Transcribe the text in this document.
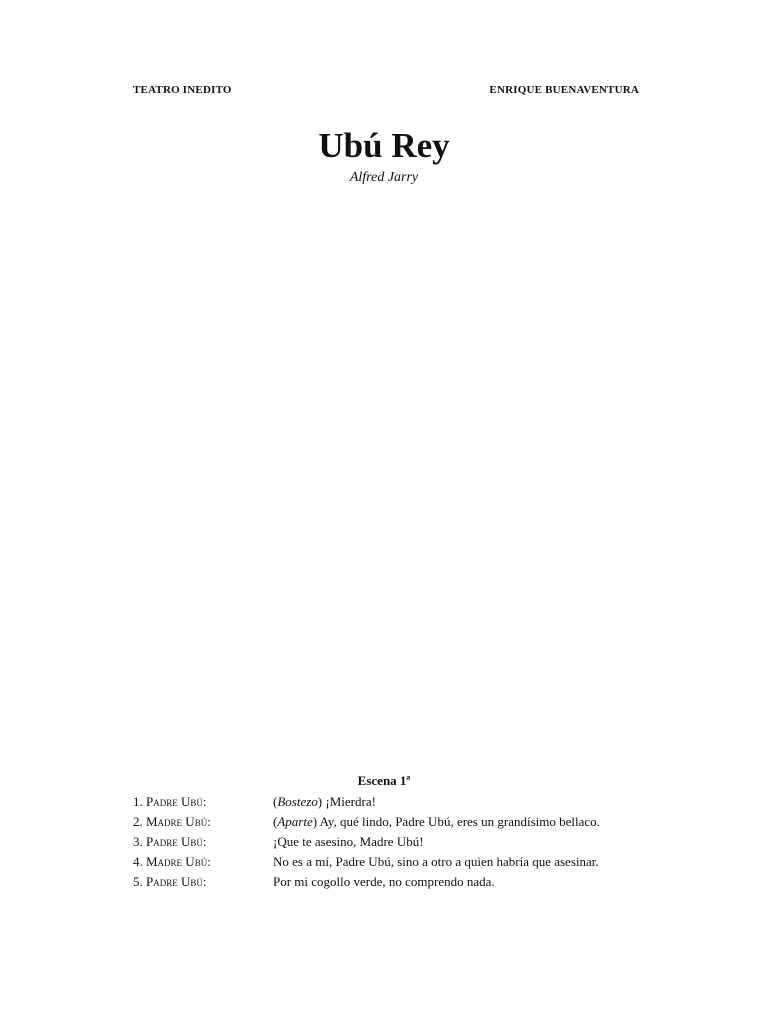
TEATRO INEDITO	ENRIQUE BUENAVENTURA
Ubú Rey
Alfred Jarry
Escena 1ª
1. Padre Ubú:	(Bostezo) ¡Mierdra!
2. Madre Ubú:	(Aparte) Ay, qué lindo, Padre Ubú, eres un grandísimo bellaco.
3. Padre Ubú:	¡Que te asesino, Madre Ubú!
4. Madre Ubú:	No es a mí, Padre Ubú, sino a otro a quien habría que asesinar.
5. Padre Ubú:	Por mi cogollo verde, no comprendo nada.
